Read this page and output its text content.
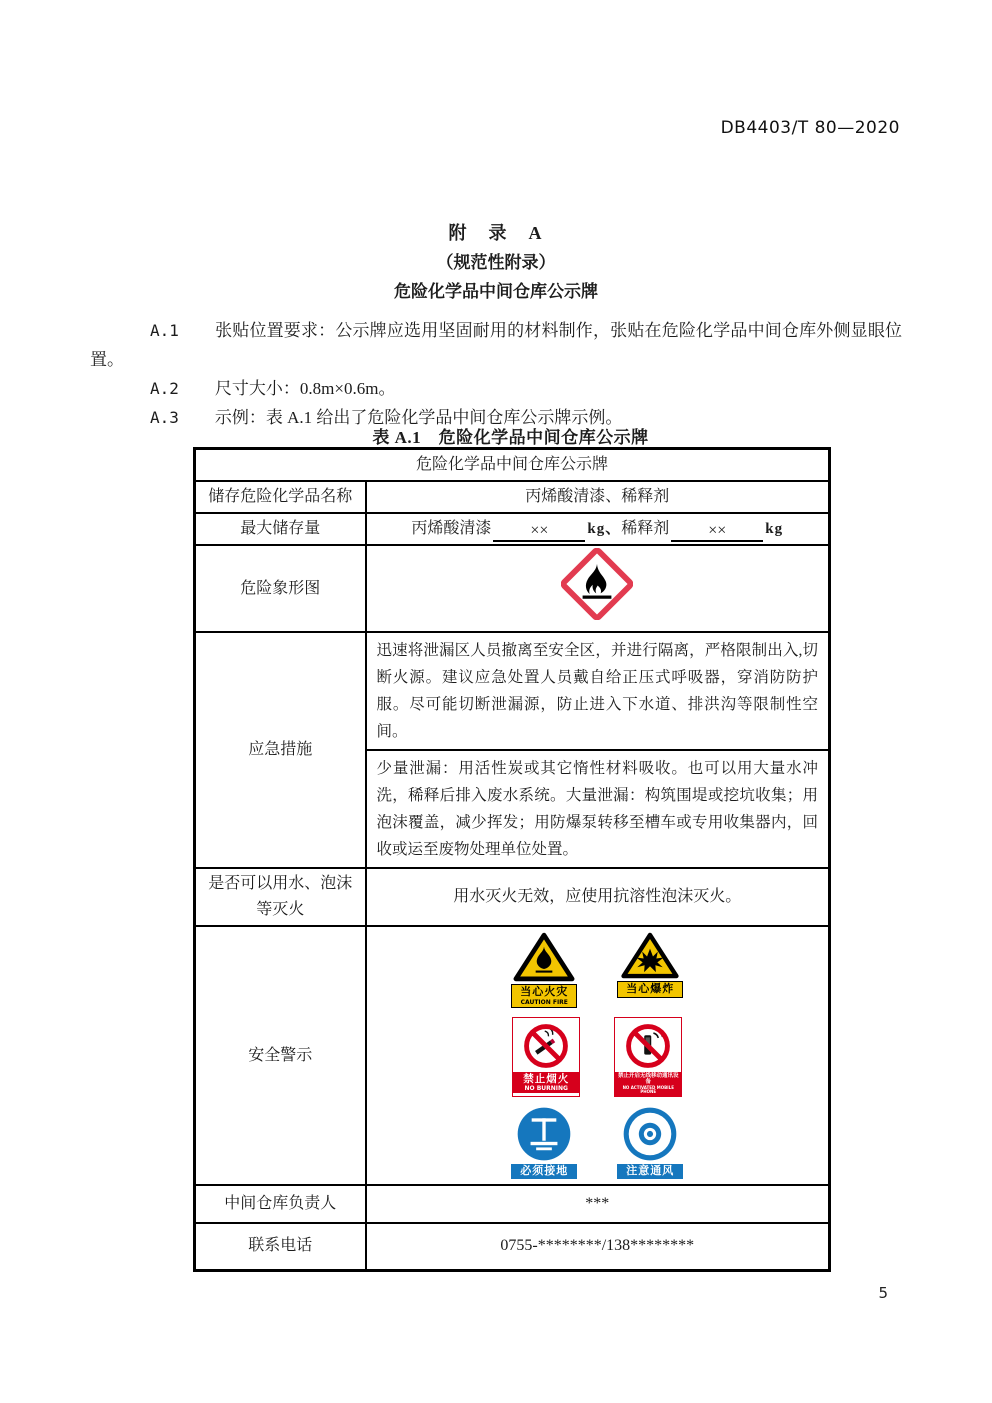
DB4403/T 80—2020
附　录　A
（规范性附录）
危险化学品中间仓库公示牌

A.1 张贴位置要求：公示牌应选用坚固耐用的材料制作，张贴在危险化学品中间仓库外侧显眼位置。

A.2 尺寸大小：0.8m×0.6m。

A.3 示例：表 A.1 给出了危险化学品中间仓库公示牌示例。

表 A.1　危险化学品中间仓库公示牌
危险化学品中间仓库公示牌	
储存危险化学品名称	丙烯酸清漆、稀释剂
最大储存量	丙烯酸清漆 ×× kg、稀释剂 ×× kg
危险象形图	
应急措施	迅速将泄漏区人员撤离至安全区，并进行隔离，严格限制出入,切断火源。建议应急处置人员戴自给正压式呼吸器，穿消防防护服。尽可能切断泄漏源，防止进入下水道、排洪沟等限制性空间。
	少量泄漏：用活性炭或其它惰性材料吸收。也可以用大量水冲洗，稀释后排入废水系统。大量泄漏：构筑围堤或挖坑收集；用泡沫覆盖，减少挥发；用防爆泵转移至槽车或专用收集器内，回收或运至废物处理单位处置。
是否可以用水、泡沫等灭火	用水灭火无效，应使用抗溶性泡沫灭火。
安全警示	
当心火灾
CAUTION FIRE
当心爆炸
禁止烟火
NO BURNING
禁止开启无线移动通讯设备
NO ACTIVATED MOBILE PHONE
必须接地	注意通风

中间仓库负责人	***
联系电话	0755-********/138********
5
